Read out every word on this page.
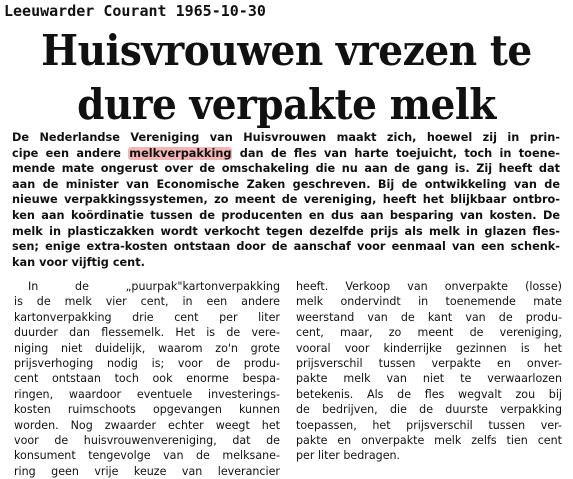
Leeuwarder Courant 1965-10-30
Huisvrouwen vrezen te
dure verpakte melk
De Nederlandse Vereniging van Huisvrouwen maakt zich, hoewel zij in prin-
cipe een andere melkverpakking dan de fles van harte toejuicht, toch in toene-
mende mate ongerust over de omschakeling die nu aan de gang is. Zij heeft dat
aan de minister van Economische Zaken geschreven. Bij de ontwikkeling van de
nieuwe verpakkingssystemen, zo meent de vereniging, heeft het blijkbaar ontbro-
ken aan koördinatie tussen de producenten en dus aan besparing van kosten. De
melk in plasticzakken wordt verkocht tegen dezelfde prijs als melk in glazen fles-
sen; enige extra-kosten ontstaan door de aanschaf voor eenmaal van een schenk-
kan voor vijftig cent.
In de „puurpak"kartonverpakking
is de melk vier cent, in een andere
kartonverpakking drie cent per liter
duurder dan flessemelk. Het is de vere-
niging niet duidelijk, waarom zo'n grote
prijsverhoging nodig is; voor de produ-
cent ontstaan toch ook enorme bespa-
ringen, waardoor eventuele investerings-
kosten ruimschoots opgevangen kunnen
worden. Nog zwaarder echter weegt het
voor de huisvrouwenvereniging, dat de
konsument tengevolge van de melksane-
ring geen vrije keuze van leverancier
heeft. Verkoop van onverpakte (losse)
melk ondervindt in toenemende mate
weerstand van de kant van de produ-
cent, maar, zo meent de vereniging,
vooral voor kinderrijke gezinnen is het
prijsverschil tussen verpakte en onver-
pakte melk van niet te verwaarlozen
betekenis. Als de fles wegvalt zou bij
de bedrijven, die de duurste verpakking
toepassen, het prijsverschil tussen ver-
pakte en onverpakte melk zelfs tien cent
per liter bedragen.
